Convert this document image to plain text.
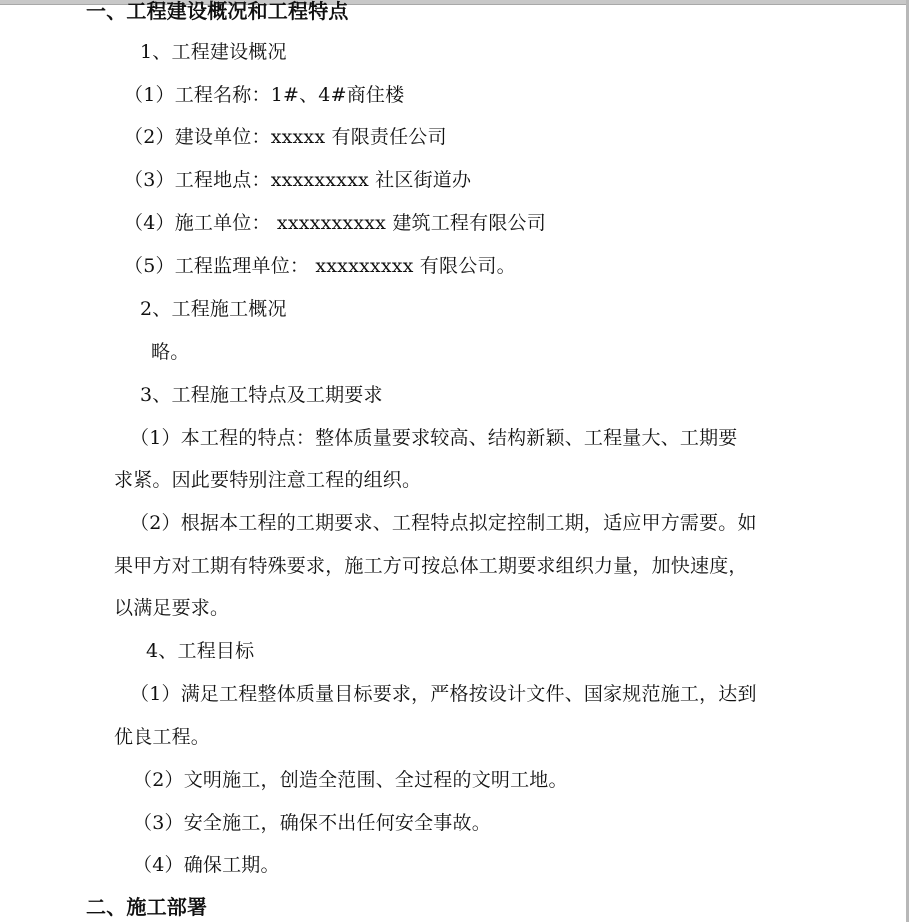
一、工程建设概况和工程特点
1、工程建设概况
（1）工程名称：1#、4#商住楼
（2）建设单位：xxxxx 有限责任公司
（3）工程地点：xxxxxxxxx 社区街道办
（4）施工单位： xxxxxxxxxx 建筑工程有限公司
（5）工程监理单位： xxxxxxxxx 有限公司。
2、工程施工概况
略。
3、工程施工特点及工期要求
（1）本工程的特点：整体质量要求较高、结构新颖、工程量大、工期要
求紧。因此要特别注意工程的组织。
（2）根据本工程的工期要求、工程特点拟定控制工期，适应甲方需要。如
果甲方对工期有特殊要求，施工方可按总体工期要求组织力量，加快速度，
以满足要求。
4、工程目标
（1）满足工程整体质量目标要求，严格按设计文件、国家规范施工，达到
优良工程。
（2）文明施工，创造全范围、全过程的文明工地。
（3）安全施工，确保不出任何安全事故。
（4）确保工期。
二、施工部署
